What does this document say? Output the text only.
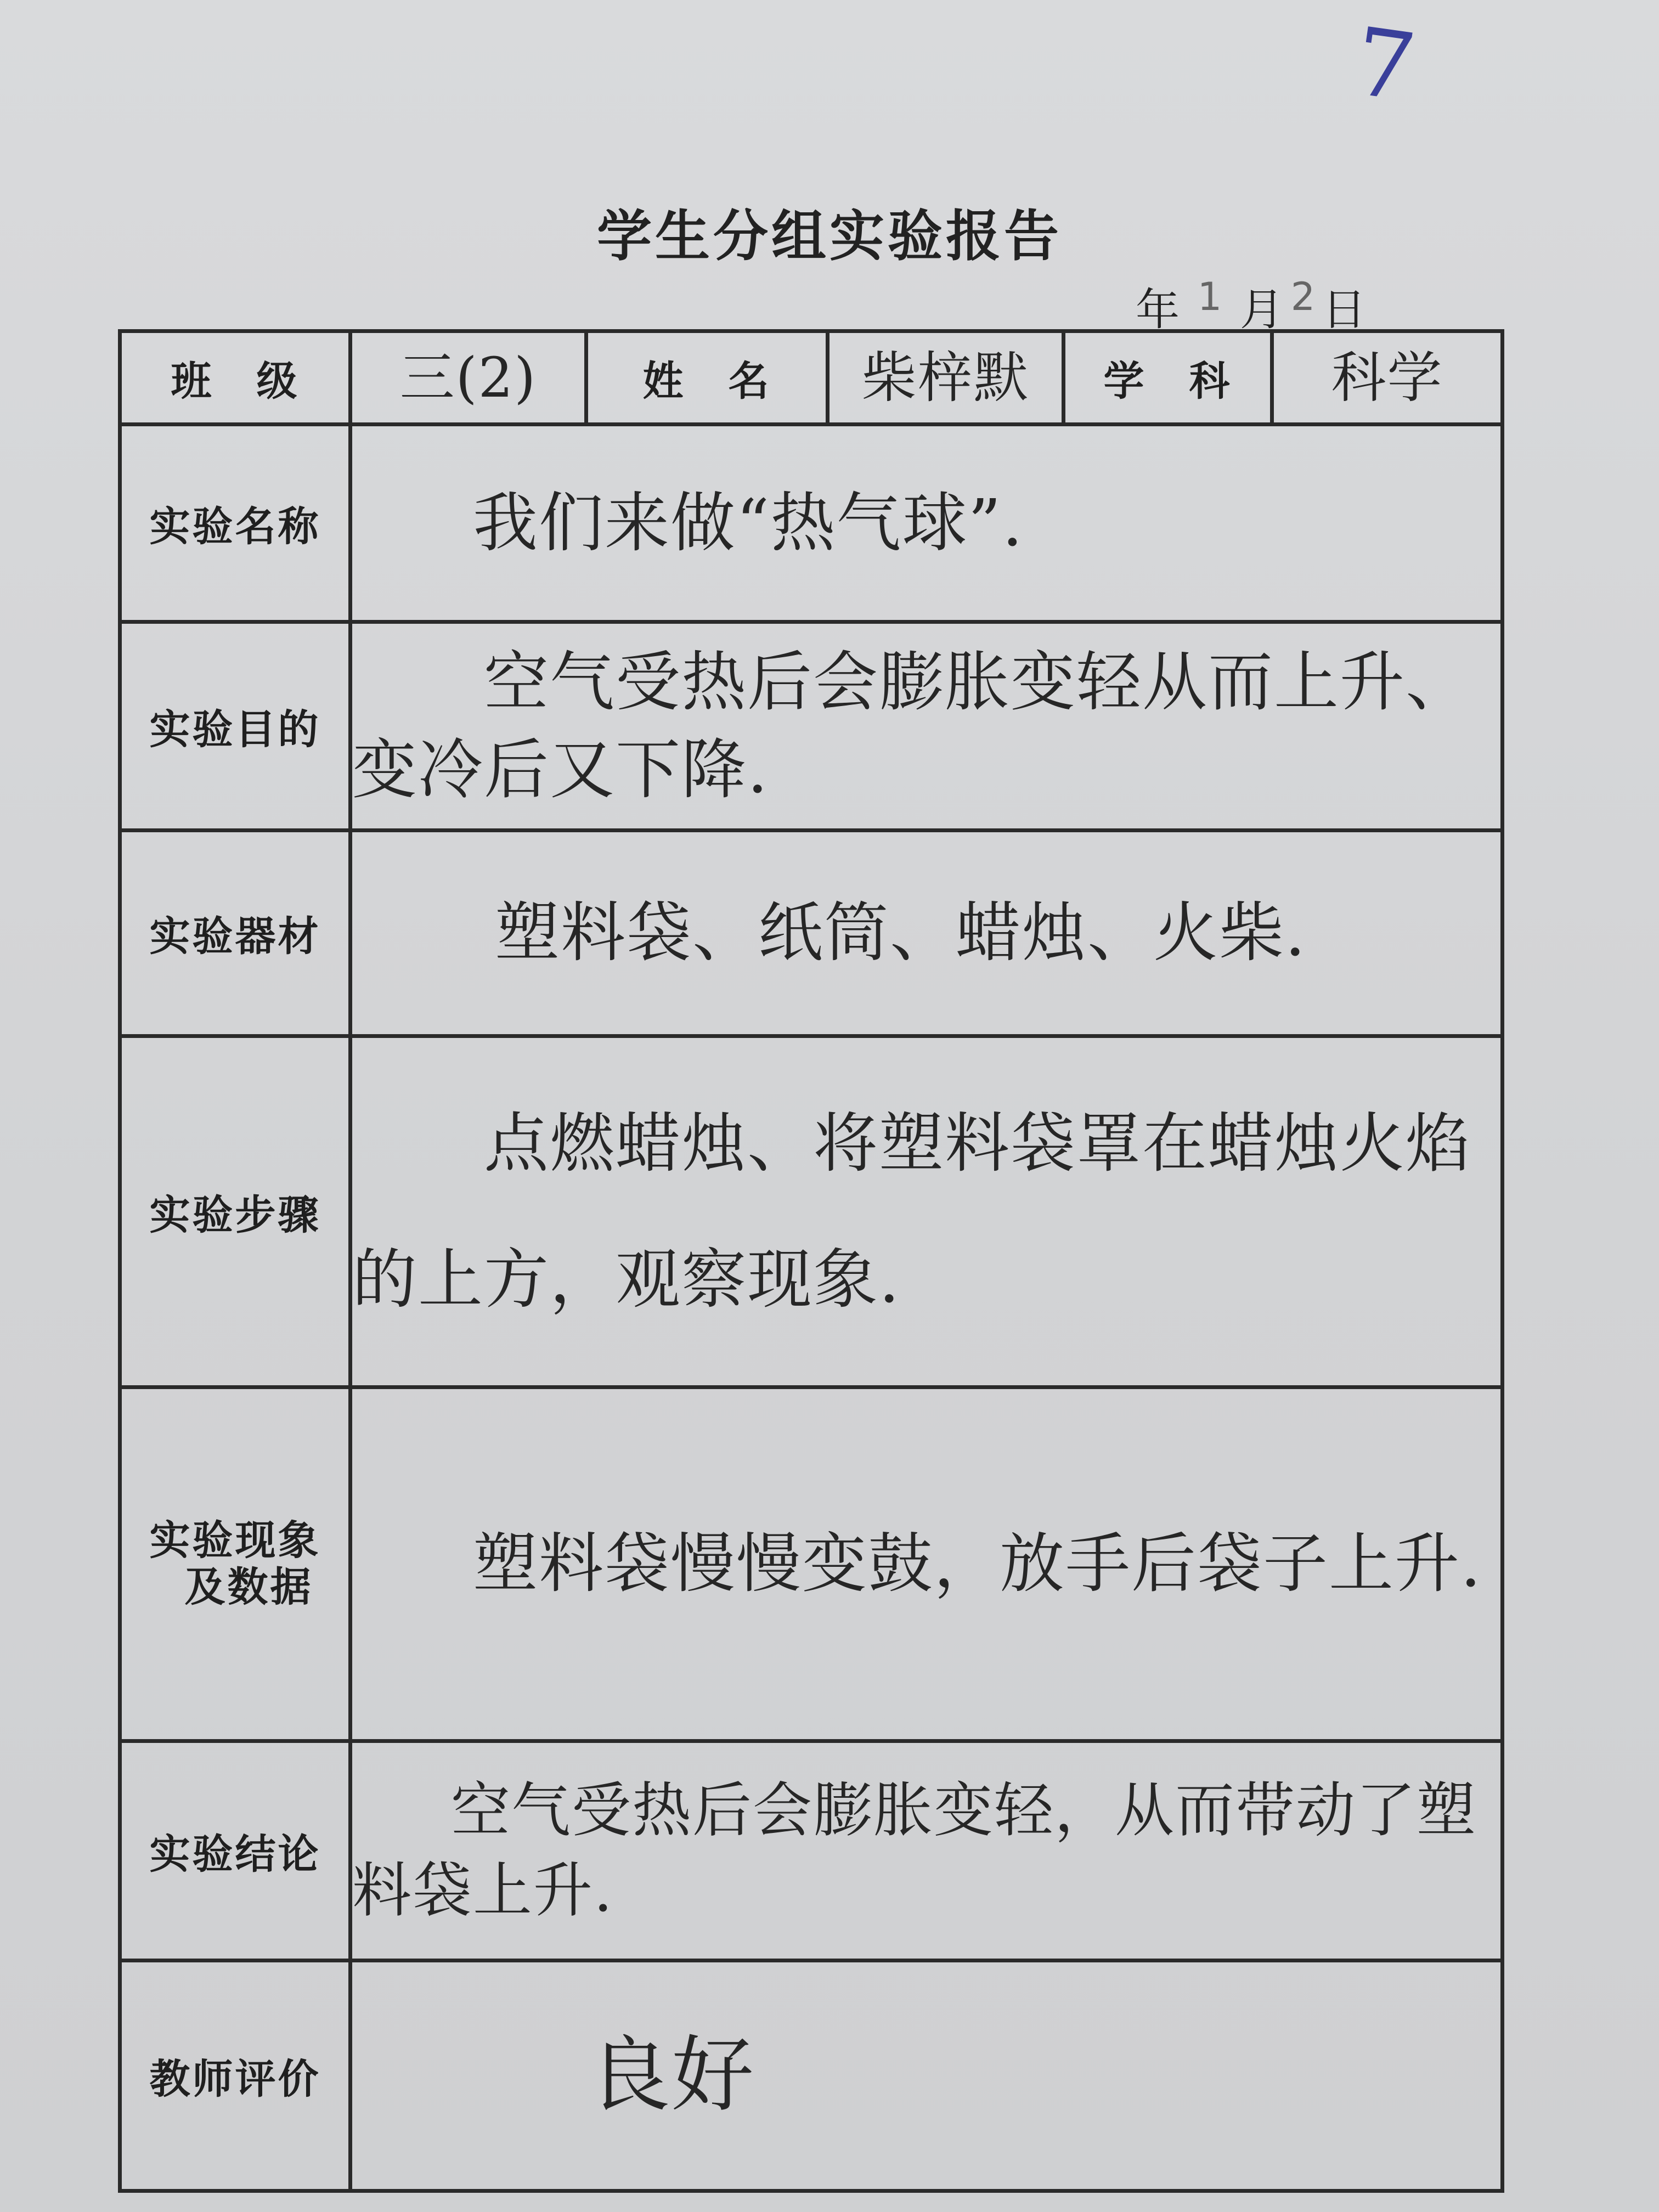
7
学生分组实验报告
年 1 月 2 日
班　级	三(2)	姓　名	柴梓默	学　科	科学
实验名称	我们来做“热气球”.				
实验目的	空气受热后会膨胀变轻从而上升、变冷后又下降.				
实验器材	塑料袋、纸筒、蜡烛、火柴.				
实验步骤	点燃蜡烛、将塑料袋罩在蜡烛火焰的上方，观察现象.				

实验现象
及数据	塑料袋慢慢变鼓，放手后袋子上升.				
实验结论	空气受热后会膨胀变轻，从而带动了塑料袋上升.				
教师评价	良好				
